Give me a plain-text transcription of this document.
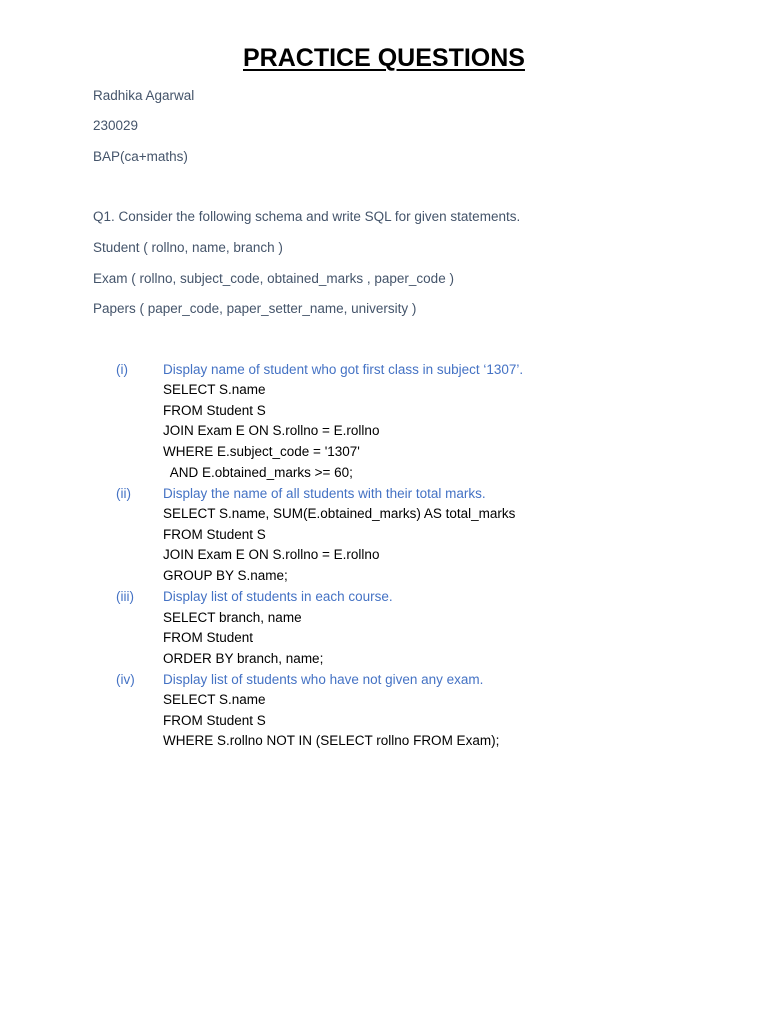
PRACTICE QUESTIONS

Radhika Agarwal

230029

BAP(ca+maths)

Q1. Consider the following schema and write SQL for given statements.

Student ( rollno, name, branch )

Exam ( rollno, subject_code, obtained_marks , paper_code )

Papers ( paper_code, paper_setter_name, university )

(i)	Display name of student who got first class in subject ‘1307’.

SELECT S.name

FROM Student S

JOIN Exam E ON S.rollno = E.rollno

WHERE E.subject_code = '1307'

AND E.obtained_marks >= 60;

(ii) Display the name of all students with their total marks.

SELECT S.name, SUM(E.obtained_marks) AS total_marks

FROM Student S

JOIN Exam E ON S.rollno = E.rollno

GROUP BY S.name;

(iii) Display list of students in each course.

SELECT branch, name

FROM Student

ORDER BY branch, name;

(iv) Display list of students who have not given any exam.

SELECT S.name

FROM Student S

WHERE S.rollno NOT IN (SELECT rollno FROM Exam);
